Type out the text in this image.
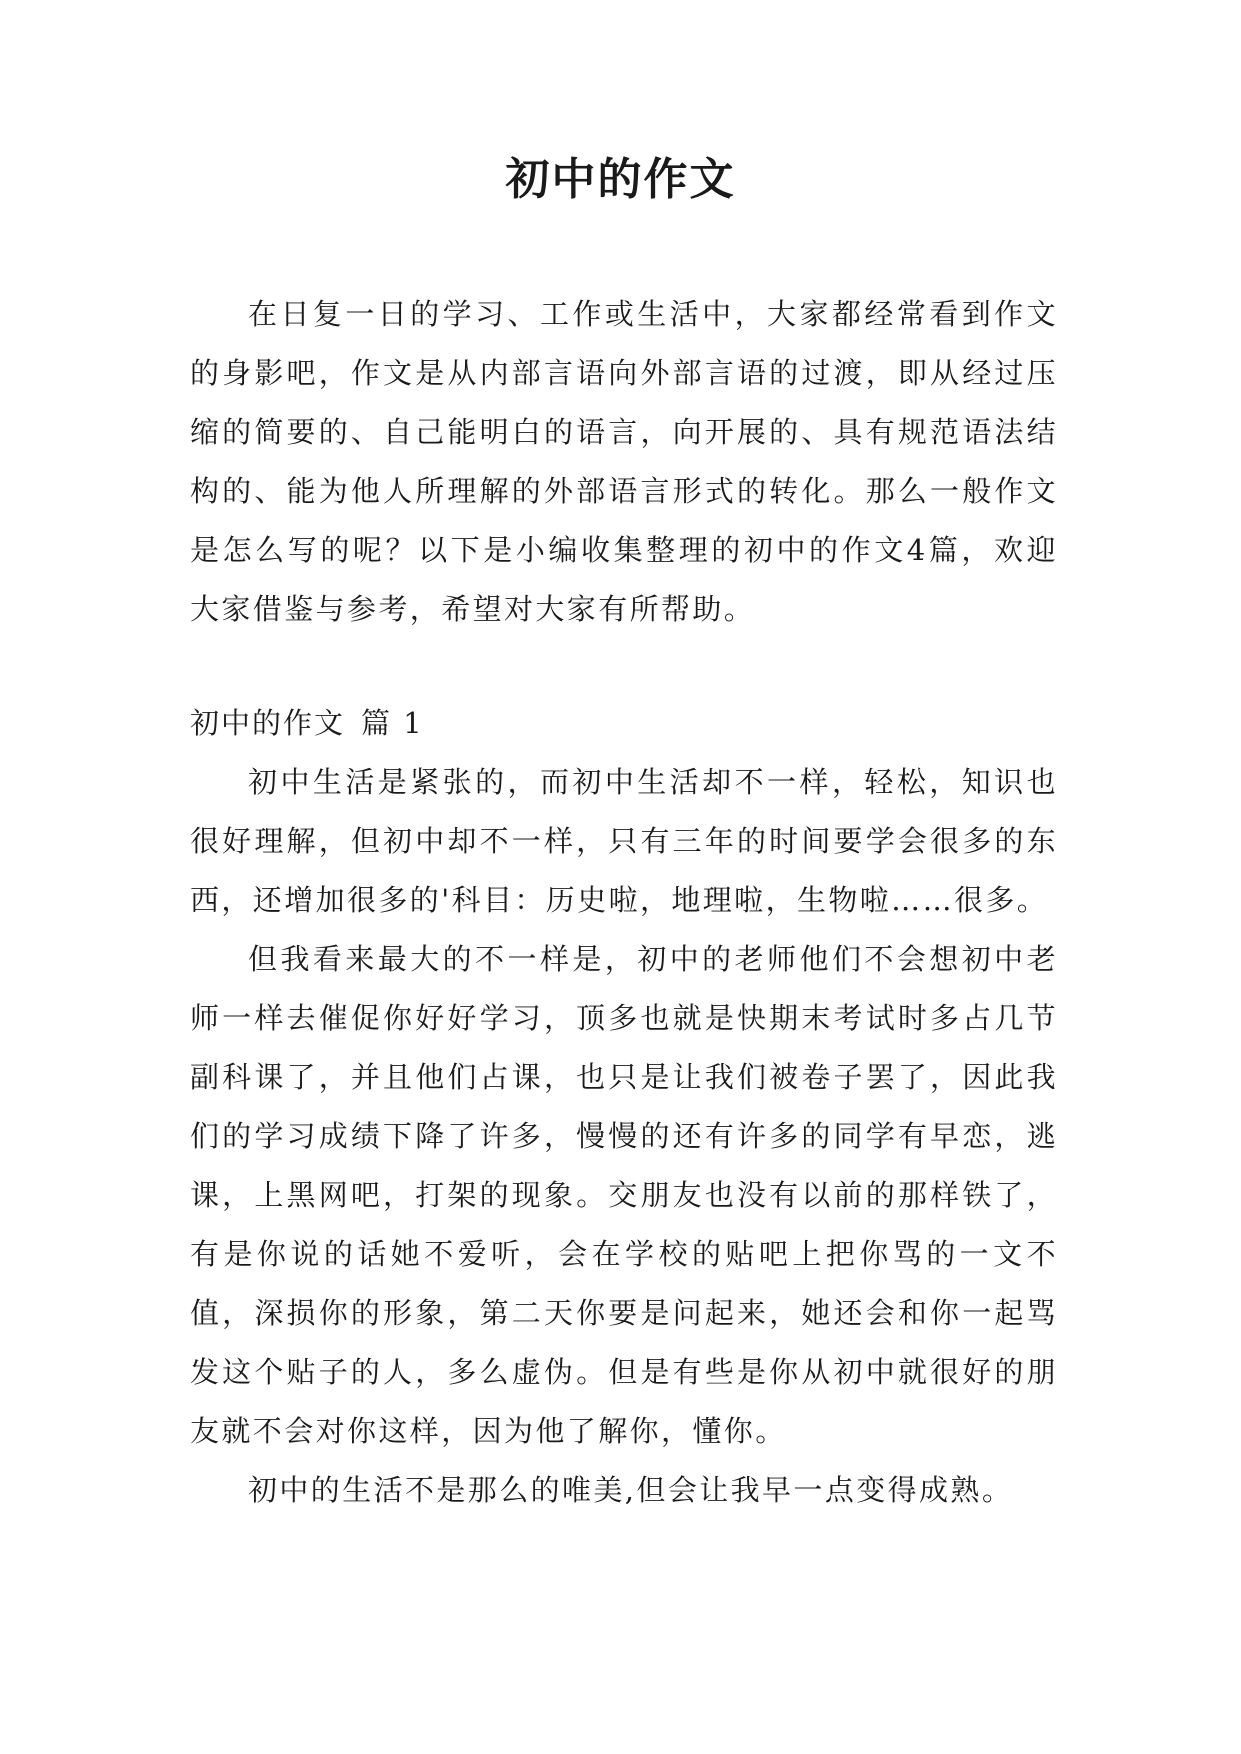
初中的作文

在日复一日的学习、工作或生活中，大家都经常看到作文的身影吧，作文是从内部言语向外部言语的过渡，即从经过压缩的简要的、自己能明白的语言，向开展的、具有规范语法结构的、能为他人所理解的外部语言形式的转化。那么一般作文是怎么写的呢？以下是小编收集整理的初中的作文4篇，欢迎大家借鉴与参考，希望对大家有所帮助。

初中的作文 篇 1

初中生活是紧张的，而初中生活却不一样，轻松，知识也很好理解，但初中却不一样，只有三年的时间要学会很多的东西，还增加很多的'科目：历史啦，地理啦，生物啦……很多。

但我看来最大的不一样是，初中的老师他们不会想初中老师一样去催促你好好学习，顶多也就是快期末考试时多占几节副科课了，并且他们占课，也只是让我们被卷子罢了，因此我们的学习成绩下降了许多，慢慢的还有许多的同学有早恋，逃课，上黑网吧，打架的现象。交朋友也没有以前的那样铁了，有是你说的话她不爱听，会在学校的贴吧上把你骂的一文不值，深损你的形象，第二天你要是问起来，她还会和你一起骂发这个贴子的人，多么虚伪。但是有些是你从初中就很好的朋友就不会对你这样，因为他了解你，懂你。

初中的生活不是那么的唯美,但会让我早一点变得成熟。
